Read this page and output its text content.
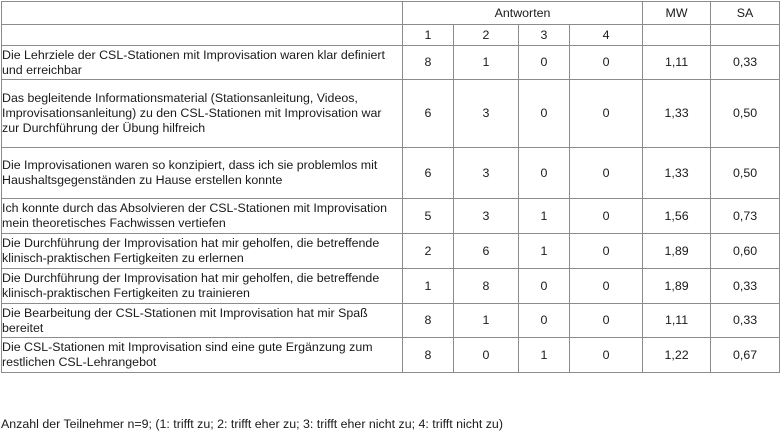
	Antworten				MW	SA
	1	2	3	4		
Die Lehrziele der CSL-Stationen mit Improvisation waren klar definiert und erreichbar	8	1	0	0	1,11	0,33
Das begleitende Informationsmaterial (Stationsanleitung, Videos, Improvisationsanleitung) zu den CSL-Stationen mit Improvisation war zur Durchführung der Übung hilfreich	6	3	0	0	1,33	0,50
Die Improvisationen waren so konzipiert, dass ich sie problemlos mit Haushaltsgegenständen zu Hause erstellen konnte	6	3	0	0	1,33	0,50
Ich konnte durch das Absolvieren der CSL-Stationen mit Improvisation mein theoretisches Fachwissen vertiefen	5	3	1	0	1,56	0,73
Die Durchführung der Improvisation hat mir geholfen, die betreffende klinisch-praktischen Fertigkeiten zu erlernen	2	6	1	0	1,89	0,60
Die Durchführung der Improvisation hat mir geholfen, die betreffende klinisch-praktischen Fertigkeiten zu trainieren	1	8	0	0	1,89	0,33
Die Bearbeitung der CSL-Stationen mit Improvisation hat mir Spaß bereitet	8	1	0	0	1,11	0,33
Die CSL-Stationen mit Improvisation sind eine gute Ergänzung zum restlichen CSL-Lehrangebot	8	0	1	0	1,22	0,67
Anzahl der Teilnehmer n=9; (1: trifft zu; 2: trifft eher zu; 3: trifft eher nicht zu; 4: trifft nicht zu)
